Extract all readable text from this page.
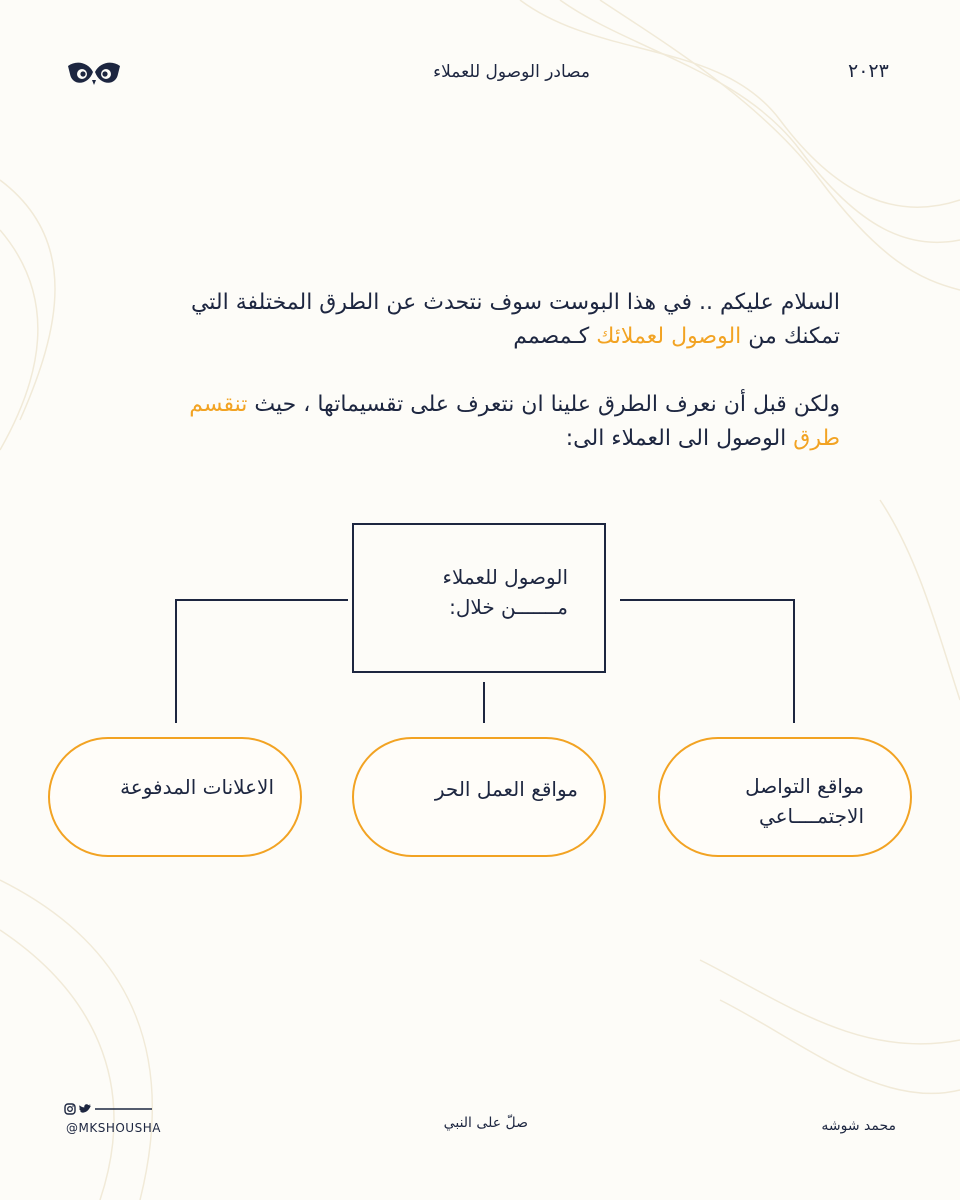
٢٠٢٣
مصادر الوصول للعملاء

السلام عليكم .. في هذا البوست سوف نتحدث عن الطرق المختلفة التي
تمكنك من الوصول لعملائك كـمصمم

ولكن قبل أن نعرف الطرق علينا ان نتعرف على تقسيماتها ، حيث تنقسم
طرق الوصول الى العملاء الى:

الوصول للعملاء
مـــــــن خلال:
مواقع التواصل
الاجتمــــاعي
مواقع العمل الحر
الاعلانات المدفوعة
@MKSHOUSHA	صلّ على النبي	محمد شوشه
